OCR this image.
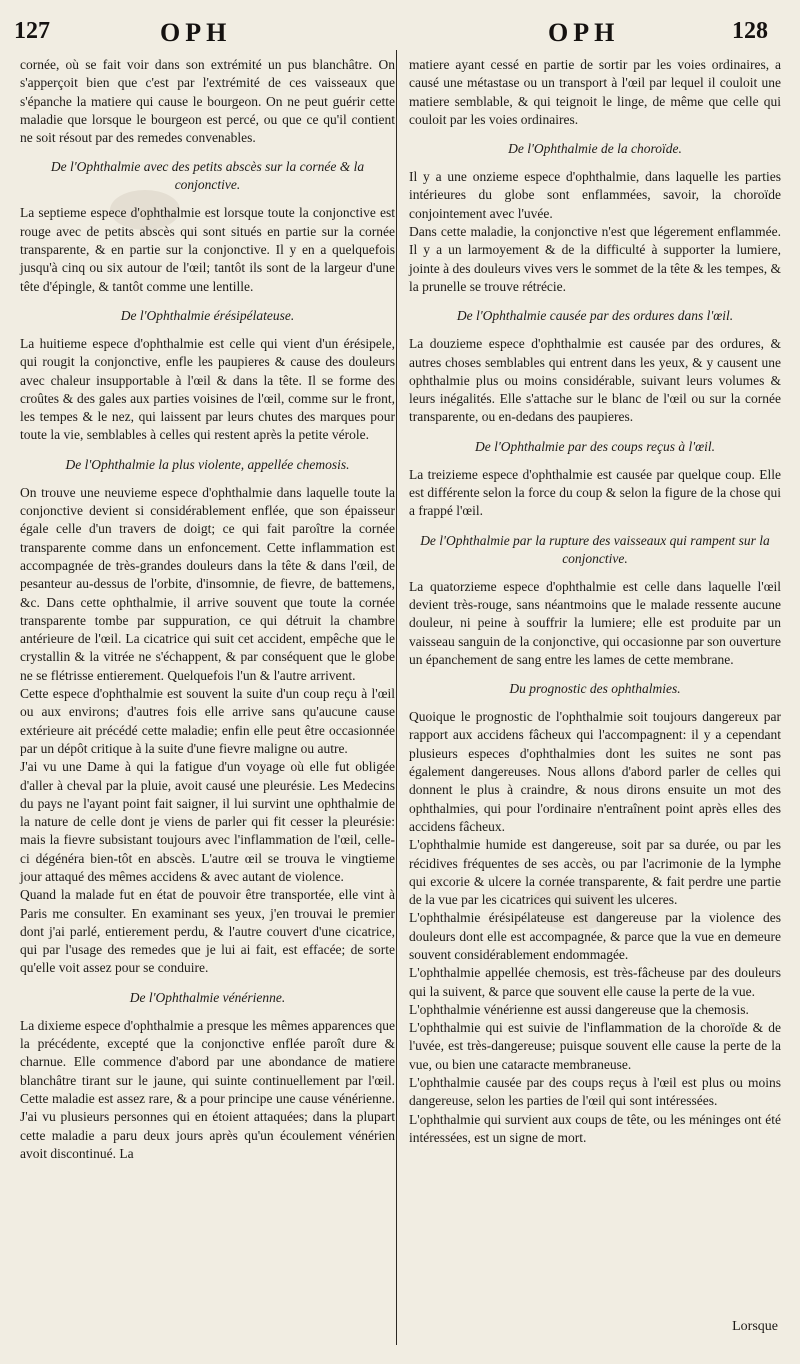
127	OPH	OPH	128

cornée, où se fait voir dans son extrémité un pus blanchâtre. On s'apperçoit bien que c'est par l'extrémité de ces vaisseaux que s'épanche la matiere qui cause le bourgeon. On ne peut guérir cette maladie que lorsque le bourgeon est percé, ou que ce qu'il contient ne soit résout par des remedes convenables.

De l'Ophthalmie avec des petits abscès sur la cornée & la conjonctive.

La septieme espece d'ophthalmie est lorsque toute la conjonctive est rouge avec de petits abscès qui sont situés en partie sur la cornée transparente, & en partie sur la conjonctive. Il y en a quelquefois jusqu'à cinq ou six autour de l'œil; tantôt ils sont de la largeur d'une tête d'épingle, & tantôt comme une lentille.

De l'Ophthalmie érésipélateuse.

La huitieme espece d'ophthalmie est celle qui vient d'un érésipele, qui rougit la conjonctive, enfle les paupieres & cause des douleurs avec chaleur insupportable à l'œil & dans la tête. Il se forme des croûtes & des gales aux parties voisines de l'œil, comme sur le front, les tempes & le nez, qui laissent par leurs chutes des marques pour toute la vie, semblables à celles qui restent après la petite vérole.

De l'Ophthalmie la plus violente, appellée chemosis.

On trouve une neuvieme espece d'ophthalmie dans laquelle toute la conjonctive devient si considérablement enflée, que son épaisseur égale celle d'un travers de doigt; ce qui fait paroître la cornée transparente comme dans un enfoncement. Cette inflammation est accompagnée de très-grandes douleurs dans la tête & dans l'œil, de pesanteur au-dessus de l'orbite, d'insomnie, de fievre, de battemens, &c. Dans cette ophthalmie, il arrive souvent que toute la cornée transparente tombe par suppuration, ce qui détruit la chambre antérieure de l'œil. La cicatrice qui suit cet accident, empêche que le crystallin & la vitrée ne s'échappent, & par conséquent que le globe ne se flétrisse entierement. Quelquefois l'un & l'autre arrivent.

Cette espece d'ophthalmie est souvent la suite d'un coup reçu à l'œil ou aux environs; d'autres fois elle arrive sans qu'aucune cause extérieure ait précédé cette maladie; enfin elle peut être occasionnée par un dépôt critique à la suite d'une fievre maligne ou autre.

J'ai vu une Dame à qui la fatigue d'un voyage où elle fut obligée d'aller à cheval par la pluie, avoit causé une pleurésie. Les Medecins du pays ne l'ayant point fait saigner, il lui survint une ophthalmie de la nature de celle dont je viens de parler qui fit cesser la pleurésie: mais la fievre subsistant toujours avec l'inflammation de l'œil, celle-ci dégénéra bien-tôt en abscès. L'autre œil se trouva le vingtieme jour attaqué des mêmes accidens & avec autant de violence.

Quand la malade fut en état de pouvoir être transportée, elle vint à Paris me consulter. En examinant ses yeux, j'en trouvai le premier dont j'ai parlé, entierement perdu, & l'autre couvert d'une cicatrice, qui par l'usage des remedes que je lui ai fait, est effacée; de sorte qu'elle voit assez pour se conduire.

De l'Ophthalmie vénérienne.

La dixieme espece d'ophthalmie a presque les mêmes apparences que la précédente, excepté que la conjonctive enflée paroît dure & charnue. Elle commence d'abord par une abondance de matiere blanchâtre tirant sur le jaune, qui suinte continuellement par l'œil. Cette maladie est assez rare, & a pour principe une cause vénérienne. J'ai vu plusieurs personnes qui en étoient attaquées; dans la plupart cette maladie a paru deux jours après qu'un écoulement vénérien avoit discontinué. La

matiere ayant cessé en partie de sortir par les voies ordinaires, a causé une métastase ou un transport à l'œil par lequel il couloit une matiere semblable, & qui teignoit le linge, de même que celle qui couloit par les voies ordinaires.

De l'Ophthalmie de la choroïde.

Il y a une onzieme espece d'ophthalmie, dans laquelle les parties intérieures du globe sont enflammées, savoir, la choroïde conjointement avec l'uvée.

Dans cette maladie, la conjonctive n'est que légerement enflammée. Il y a un larmoyement & de la difficulté à supporter la lumiere, jointe à des douleurs vives vers le sommet de la tête & les tempes, & la prunelle se trouve rétrécie.

De l'Ophthalmie causée par des ordures dans l'œil.

La douzieme espece d'ophthalmie est causée par des ordures, & autres choses semblables qui entrent dans les yeux, & y causent une ophthalmie plus ou moins considérable, suivant leurs volumes & leurs inégalités. Elle s'attache sur le blanc de l'œil ou sur la cornée transparente, ou en-dedans des paupieres.

De l'Ophthalmie par des coups reçus à l'œil.

La treizieme espece d'ophthalmie est causée par quelque coup. Elle est différente selon la force du coup & selon la figure de la chose qui a frappé l'œil.

De l'Ophthalmie par la rupture des vaisseaux qui rampent sur la conjonctive.

La quatorzieme espece d'ophthalmie est celle dans laquelle l'œil devient très-rouge, sans néantmoins que le malade ressente aucune douleur, ni peine à souffrir la lumiere; elle est produite par un vaisseau sanguin de la conjonctive, qui occasionne par son ouverture un épanchement de sang entre les lames de cette membrane.

Du prognostic des ophthalmies.

Quoique le prognostic de l'ophthalmie soit toujours dangereux par rapport aux accidens fâcheux qui l'accompagnent: il y a cependant plusieurs especes d'ophthalmies dont les suites ne sont pas également dangereuses. Nous allons d'abord parler de celles qui donnent le plus à craindre, & nous dirons ensuite un mot des ophthalmies, qui pour l'ordinaire n'entraînent point après elles des accidens fâcheux.

L'ophthalmie humide est dangereuse, soit par sa durée, ou par les récidives fréquentes de ses accès, ou par l'acrimonie de la lymphe qui excorie & ulcere la cornée transparente, & fait perdre une partie de la vue par les cicatrices qui suivent les ulceres.

L'ophthalmie érésipélateuse est dangereuse par la violence des douleurs dont elle est accompagnée, & parce que la vue en demeure souvent considérablement endommagée.

L'ophthalmie appellée chemosis, est très-fâcheuse par des douleurs qui la suivent, & parce que souvent elle cause la perte de la vue.

L'ophthalmie vénérienne est aussi dangereuse que la chemosis.

L'ophthalmie qui est suivie de l'inflammation de la choroïde & de l'uvée, est très-dangereuse; puisque souvent elle cause la perte de la vue, ou bien une cataracte membraneuse.

L'ophthalmie causée par des coups reçus à l'œil est plus ou moins dangereuse, selon les parties de l'œil qui sont intéressées.

L'ophthalmie qui survient aux coups de tête, ou les méninges ont été intéressées, est un signe de mort.

Lorsque
